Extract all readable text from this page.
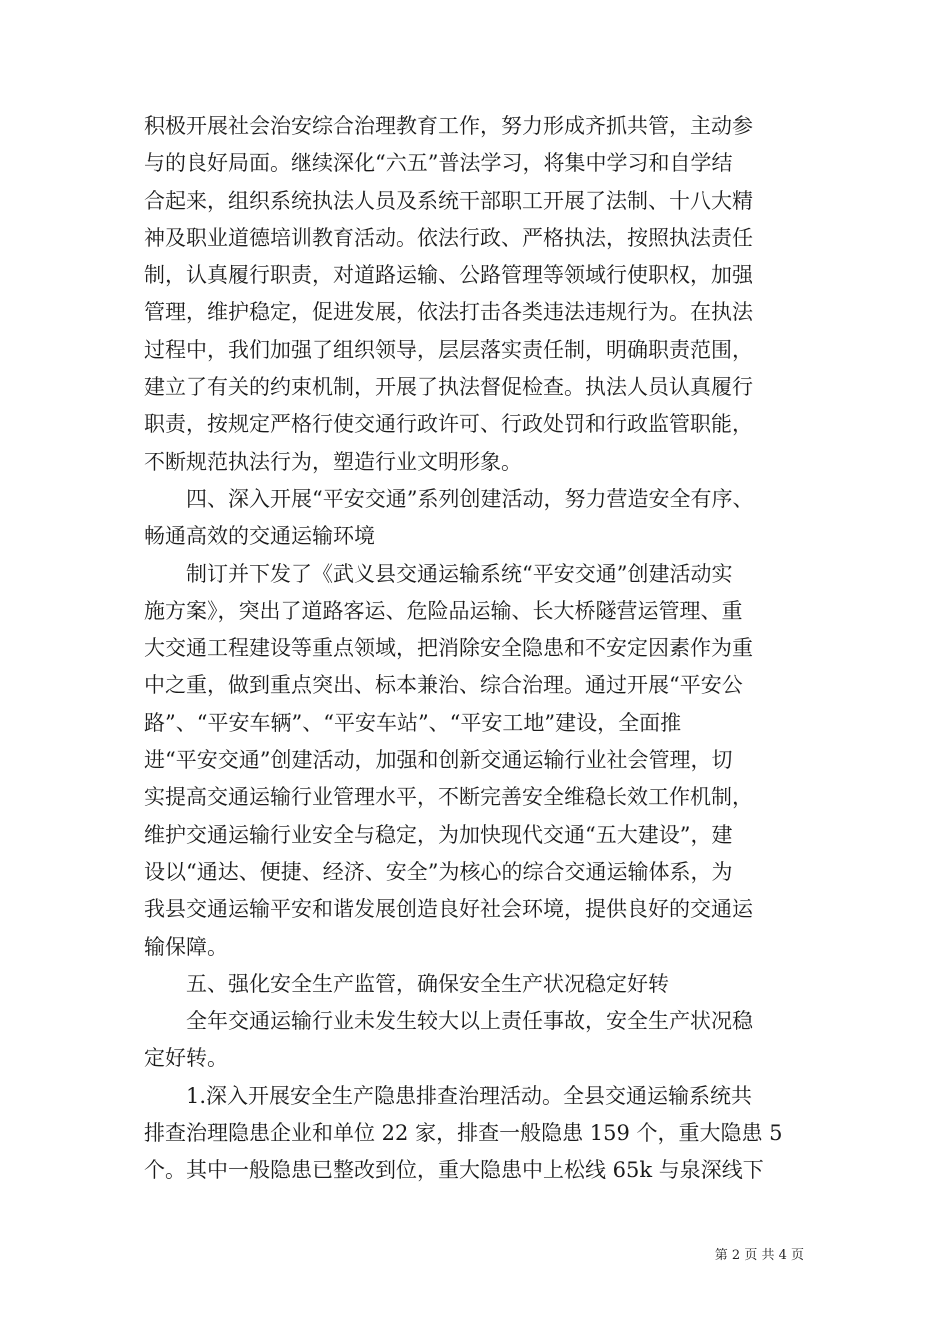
积极开展社会治安综合治理教育工作，努力形成齐抓共管，主动参
与的良好局面。继续深化“六五”普法学习，将集中学习和自学结
合起来，组织系统执法人员及系统干部职工开展了法制、十八大精
神及职业道德培训教育活动。依法行政、严格执法，按照执法责任
制，认真履行职责，对道路运输、公路管理等领域行使职权，加强
管理，维护稳定，促进发展，依法打击各类违法违规行为。在执法
过程中，我们加强了组织领导，层层落实责任制，明确职责范围，
建立了有关的约束机制，开展了执法督促检查。执法人员认真履行
职责，按规定严格行使交通行政许可、行政处罚和行政监管职能，
不断规范执法行为，塑造行业文明形象。
四、深入开展“平安交通”系列创建活动，努力营造安全有序、
畅通高效的交通运输环境
制订并下发了《武义县交通运输系统“平安交通”创建活动实
施方案》，突出了道路客运、危险品运输、长大桥隧营运管理、重
大交通工程建设等重点领域，把消除安全隐患和不安定因素作为重
中之重，做到重点突出、标本兼治、综合治理。通过开展“平安公
路”、“平安车辆”、“平安车站”、“平安工地”建设，全面推
进“平安交通”创建活动，加强和创新交通运输行业社会管理，切
实提高交通运输行业管理水平，不断完善安全维稳长效工作机制，
维护交通运输行业安全与稳定，为加快现代交通“五大建设”，建
设以“通达、便捷、经济、安全”为核心的综合交通运输体系，为
我县交通运输平安和谐发展创造良好社会环境，提供良好的交通运
输保障。
五、强化安全生产监管，确保安全生产状况稳定好转
全年交通运输行业未发生较大以上责任事故，安全生产状况稳
定好转。
1.深入开展安全生产隐患排查治理活动。全县交通运输系统共
排查治理隐患企业和单位 22 家，排查一般隐患 159 个，重大隐患 5
个。其中一般隐患已整改到位，重大隐患中上松线 65k 与泉深线下
第 2 页 共 4 页
